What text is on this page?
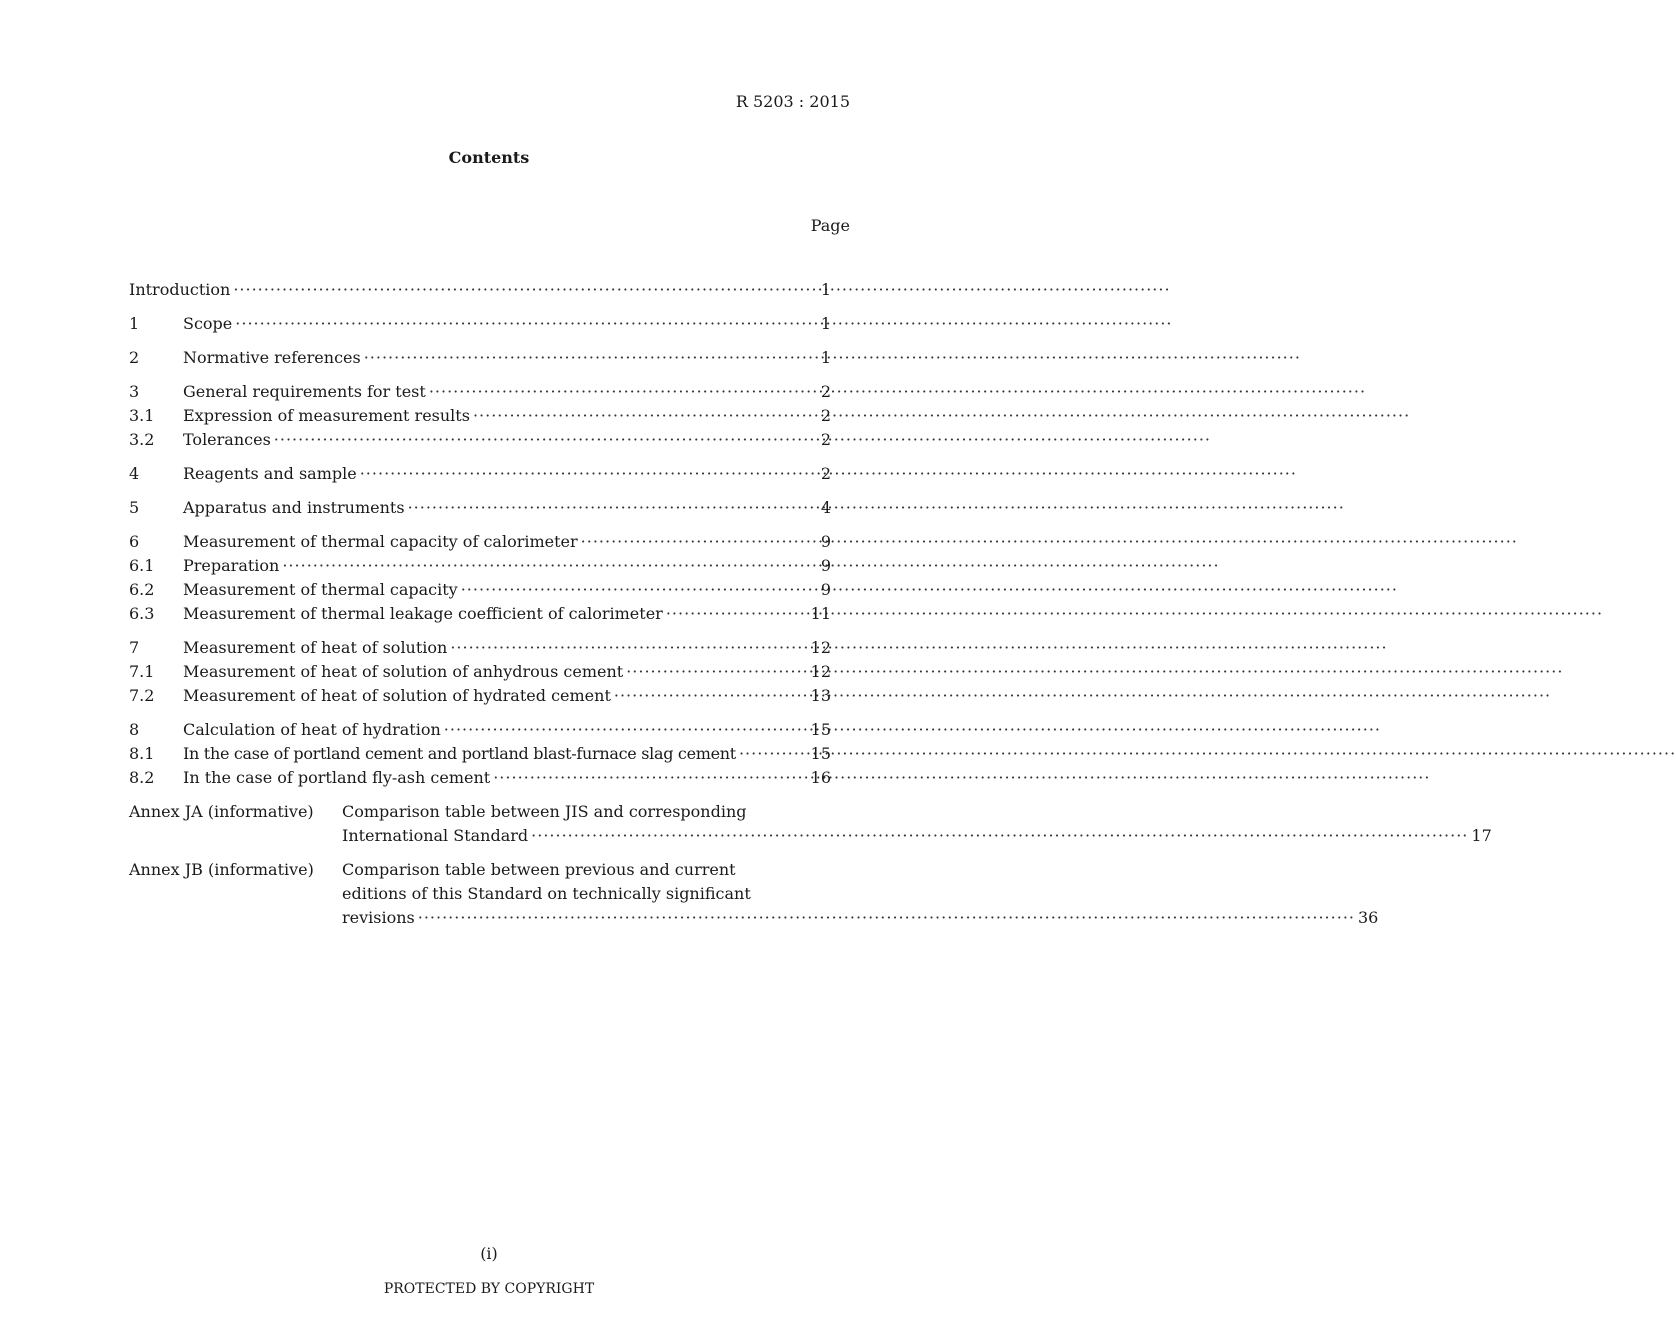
R 5203 : 2015
Contents
Page
Introduction ·····	1
1	Scope ·····	1
2	Normative references ·····	1
3	General requirements for test ·····	2
3.1	Expression of measurement results ·····	2
3.2	Tolerances ·····	2
4	Reagents and sample ·····	2
5	Apparatus and instruments ·····	4
6	Measurement of thermal capacity of calorimeter ·····	9
6.1	Preparation ·····	9
6.2	Measurement of thermal capacity ·····	9
6.3	Measurement of thermal leakage coefficient of calorimeter ·····	11
7	Measurement of heat of solution ·····	12
7.1	Measurement of heat of solution of anhydrous cement ·····	12
7.2	Measurement of heat of solution of hydrated cement ·····	13
8	Calculation of heat of hydration ·····	15
8.1	In the case of portland cement and portland blast-furnace slag cement ·····	15
8.2	In the case of portland fly-ash cement ·····	16
Annex JA (informative)	Comparison table between JIS and corresponding
International Standard ·····	17
Annex JB (informative)	Comparison table between previous and current
editions of this Standard on technically significant
revisions ·····	36
(i)
PROTECTED BY COPYRIGHT
